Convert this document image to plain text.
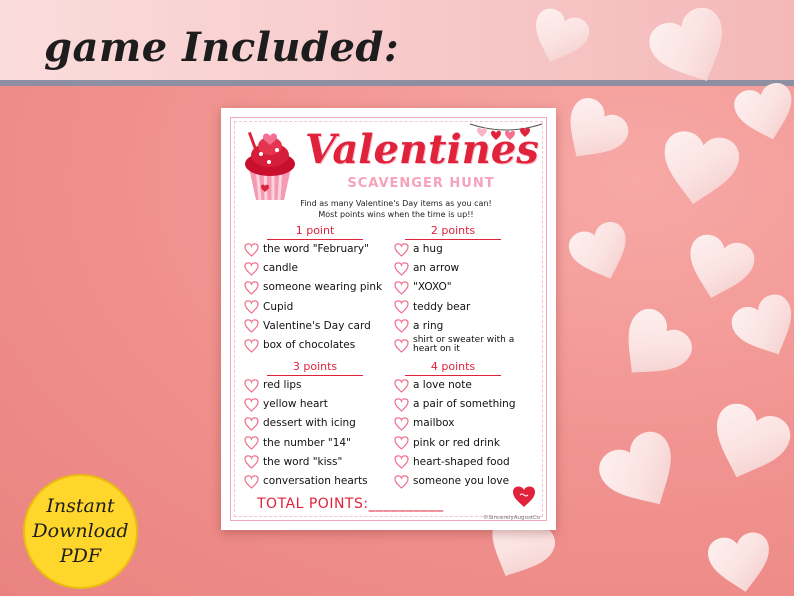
game Included:
Valentines
SCAVENGER HUNT
Find as many Valentine's Day items as you can!
Most points wins when the time is up!!
1 point	2 points
3 points	4 points
the word "February"
candle
someone wearing pink
Cupid
Valentine's Day card
box of chocolates
a hug
an arrow
"XOXO"
teddy bear
a ring
shirt or sweater with a heart on it
red lips
yellow heart
dessert with icing
the number "14"
the word "kiss"
conversation hearts
a love note
a pair of something
mailbox
pink or red drink
heart-shaped food
someone you love
TOTAL POINTS:__________
©SincerelyAugustCo
Instant
Download
PDF
